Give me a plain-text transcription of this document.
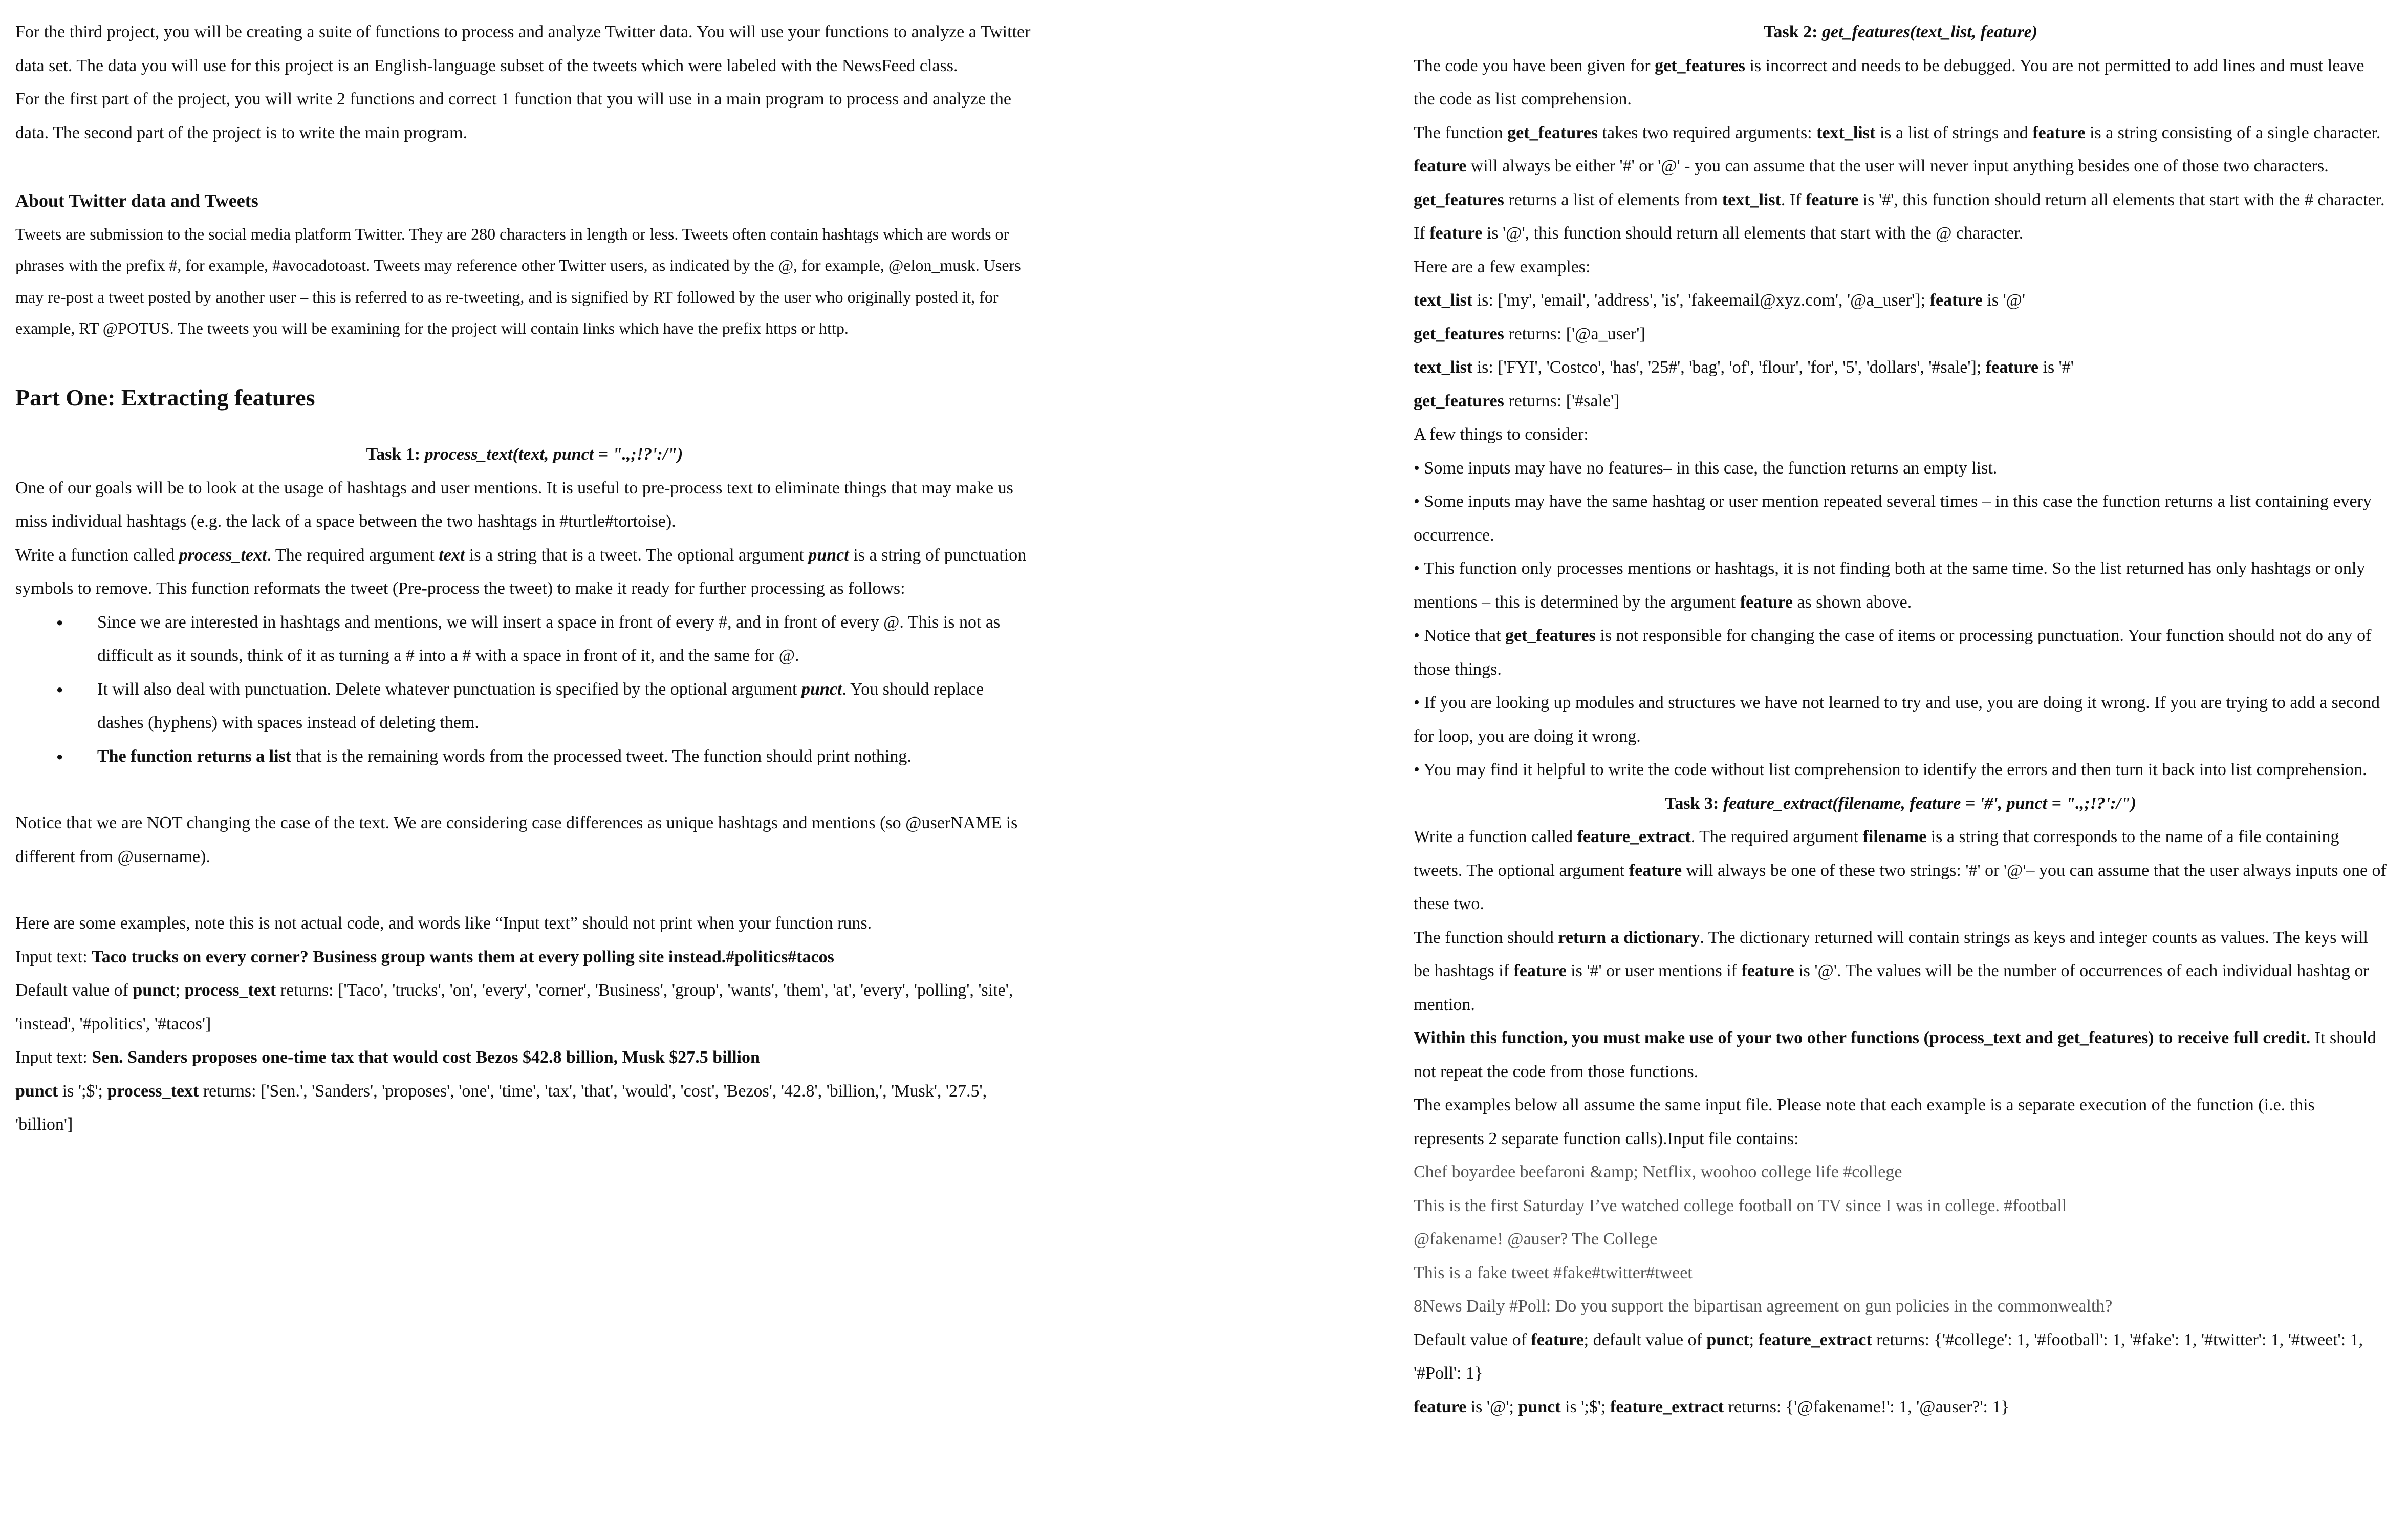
For the third project, you will be creating a suite of functions to process and analyze Twitter data. You will use your functions to analyze a Twitter data set. The data you will use for this project is an English-language subset of the tweets which were labeled with the NewsFeed class.

For the first part of the project, you will write 2 functions and correct 1 function that you will use in a main program to process and analyze the data. The second part of the project is to write the main program.

About Twitter data and Tweets

Tweets are submission to the social media platform Twitter. They are 280 characters in length or less. Tweets often contain hashtags which are words or phrases with the prefix #, for example, #avocadotoast. Tweets may reference other Twitter users, as indicated by the @, for example, @elon_musk. Users may re-post a tweet posted by another user – this is referred to as re-tweeting, and is signified by RT followed by the user who originally posted it, for example, RT @POTUS. The tweets you will be examining for the project will contain links which have the prefix https or http.

Part One: Extracting features
Task 1: process_text(text, punct = ".,;!?':/")

One of our goals will be to look at the usage of hashtags and user mentions. It is useful to pre-process text to eliminate things that may make us miss individual hashtags (e.g. the lack of a space between the two hashtags in #turtle#tortoise).

Write a function called process_text. The required argument text is a string that is a tweet. The optional argument punct is a string of punctuation symbols to remove. This function reformats the tweet (Pre-process the tweet) to make it ready for further processing as follows:

● Since we are interested in hashtags and mentions, we will insert a space in front of every #, and in front of every @. This is not as difficult as it sounds, think of it as turning a # into a # with a space in front of it, and the same for @.
● It will also deal with punctuation. Delete whatever punctuation is specified by the optional argument punct. You should replace dashes (hyphens) with spaces instead of deleting them.
● The function returns a list that is the remaining words from the processed tweet. The function should print nothing.

Notice that we are NOT changing the case of the text. We are considering case differences as unique hashtags and mentions (so @userNAME is different from @username).

Here are some examples, note this is not actual code, and words like “Input text” should not print when your function runs.

Input text: Taco trucks on every corner? Business group wants them at every polling site instead.#politics#tacos

Default value of punct; process_text returns: ['Taco', 'trucks', 'on', 'every', 'corner', 'Business', 'group', 'wants', 'them', 'at', 'every', 'polling', 'site', 'instead', '#politics', '#tacos']

Input text: Sen. Sanders proposes one-time tax that would cost Bezos $42.8 billion, Musk $27.5 billion

punct is ';$'; process_text returns: ['Sen.', 'Sanders', 'proposes', 'one', 'time', 'tax', 'that', 'would', 'cost', 'Bezos', '42.8', 'billion,', 'Musk', '27.5', 'billion']

Task 2: get_features(text_list, feature)

The code you have been given for get_features is incorrect and needs to be debugged. You are not permitted to add lines and must leave the code as list comprehension.

The function get_features takes two required arguments: text_list is a list of strings and feature is a string consisting of a single character. feature will always be either '#' or '@' - you can assume that the user will never input anything besides one of those two characters. get_features returns a list of elements from text_list. If feature is '#', this function should return all elements that start with the # character. If feature is '@', this function should return all elements that start with the @ character.

Here are a few examples:

text_list is: ['my', 'email', 'address', 'is', 'fakeemail@xyz.com', '@a_user']; feature is '@'

get_features returns: ['@a_user']

text_list is: ['FYI', 'Costco', 'has', '25#', 'bag', 'of', 'flour', 'for', '5', 'dollars', '#sale']; feature is '#'

get_features returns: ['#sale']

A few things to consider:

• Some inputs may have no features– in this case, the function returns an empty list.

• Some inputs may have the same hashtag or user mention repeated several times – in this case the function returns a list containing every occurrence.

• This function only processes mentions or hashtags, it is not finding both at the same time. So the list returned has only hashtags or only mentions – this is determined by the argument feature as shown above.

• Notice that get_features is not responsible for changing the case of items or processing punctuation. Your function should not do any of those things.

• If you are looking up modules and structures we have not learned to try and use, you are doing it wrong. If you are trying to add a second for loop, you are doing it wrong.

• You may find it helpful to write the code without list comprehension to identify the errors and then turn it back into list comprehension.

Task 3: feature_extract(filename, feature = '#', punct = ".,;!?':/")

Write a function called feature_extract. The required argument filename is a string that corresponds to the name of a file containing tweets. The optional argument feature will always be one of these two strings: '#' or '@'– you can assume that the user always inputs one of these two.

The function should return a dictionary. The dictionary returned will contain strings as keys and integer counts as values. The keys will be hashtags if feature is '#' or user mentions if feature is '@'. The values will be the number of occurrences of each individual hashtag or mention.

Within this function, you must make use of your two other functions (process_text and get_features) to receive full credit. It should not repeat the code from those functions.

The examples below all assume the same input file. Please note that each example is a separate execution of the function (i.e. this represents 2 separate function calls).Input file contains:

Chef boyardee beefaroni &amp; Netflix, woohoo college life #college

This is the first Saturday I’ve watched college football on TV since I was in college. #football

@fakename! @auser? The College

This is a fake tweet #fake#twitter#tweet

8News Daily #Poll: Do you support the bipartisan agreement on gun policies in the commonwealth?

Default value of feature; default value of punct; feature_extract returns: {'#college': 1, '#football': 1, '#fake': 1, '#twitter': 1, '#tweet': 1, '#Poll': 1}

feature is '@'; punct is ';$'; feature_extract returns: {'@fakename!': 1, '@auser?': 1}
